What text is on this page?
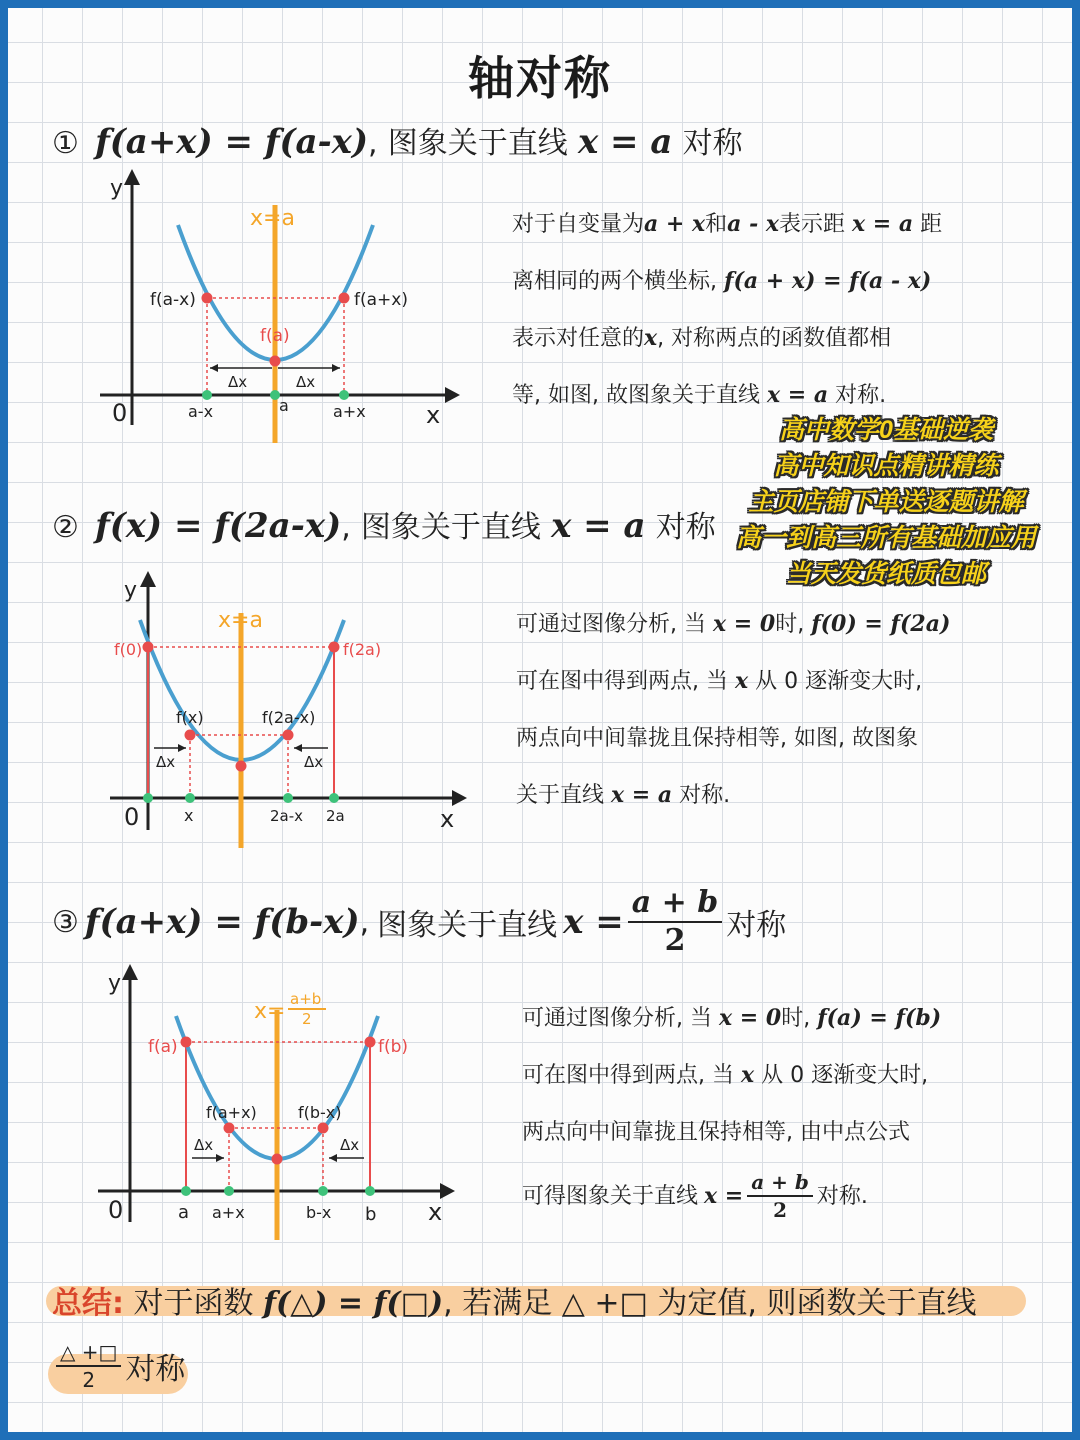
轴对称
① f(a+x) = f(a-x), 图象关于直线 x = a 对称
x=a
y
x
0
f(a-x)	f(a+x)
f(a)
Δx	Δx
a-x	a	a+x
对于自变量为a + x和a - x表示距 x = a 距
离相同的两个横坐标, f(a + x) = f(a - x)
表示对任意的x, 对称两点的函数值都相
等, 如图, 故图象关于直线 x = a 对称.
高中数学0基础逆袭
高中知识点精讲精练
主页店铺下单送逐题讲解
高一到高三所有基础加应用
当天发货纸质包邮
② f(x) = f(2a-x), 图象关于直线 x = a 对称
x=a
y
x
0
f(0)	f(2a)
f(x)	f(2a-x)
Δx	Δx
x	2a-x 2a
可通过图像分析, 当 x = 0时, f(0) = f(2a)
可在图中得到两点, 当 x 从 0 逐渐变大时,
两点向中间靠拢且保持相等, 如图, 故图象
关于直线 x = a 对称.
③ f(a+x) = f(b-x) , 图象关于直线 $x = \frac{a + b}{2}$ 对称
x= a+b
2
y
x
0
f(a)	f(b)
f(a+x)	f(b-x)
Δx	Δx
a a+x	b-x b
可通过图像分析, 当 x = 0时, f(a) = f(b)
可在图中得到两点, 当 x 从 0 逐渐变大时,
两点向中间靠拢且保持相等, 由中点公式
可得图象关于直线 $x = \frac{a + b}{2}$ 对称.
总结: 对于函数 f(△) = f(□), 若满足 △ +□ 为定值, 则函数关于直线
$\frac{\triangle +□}{2}$ 对称
